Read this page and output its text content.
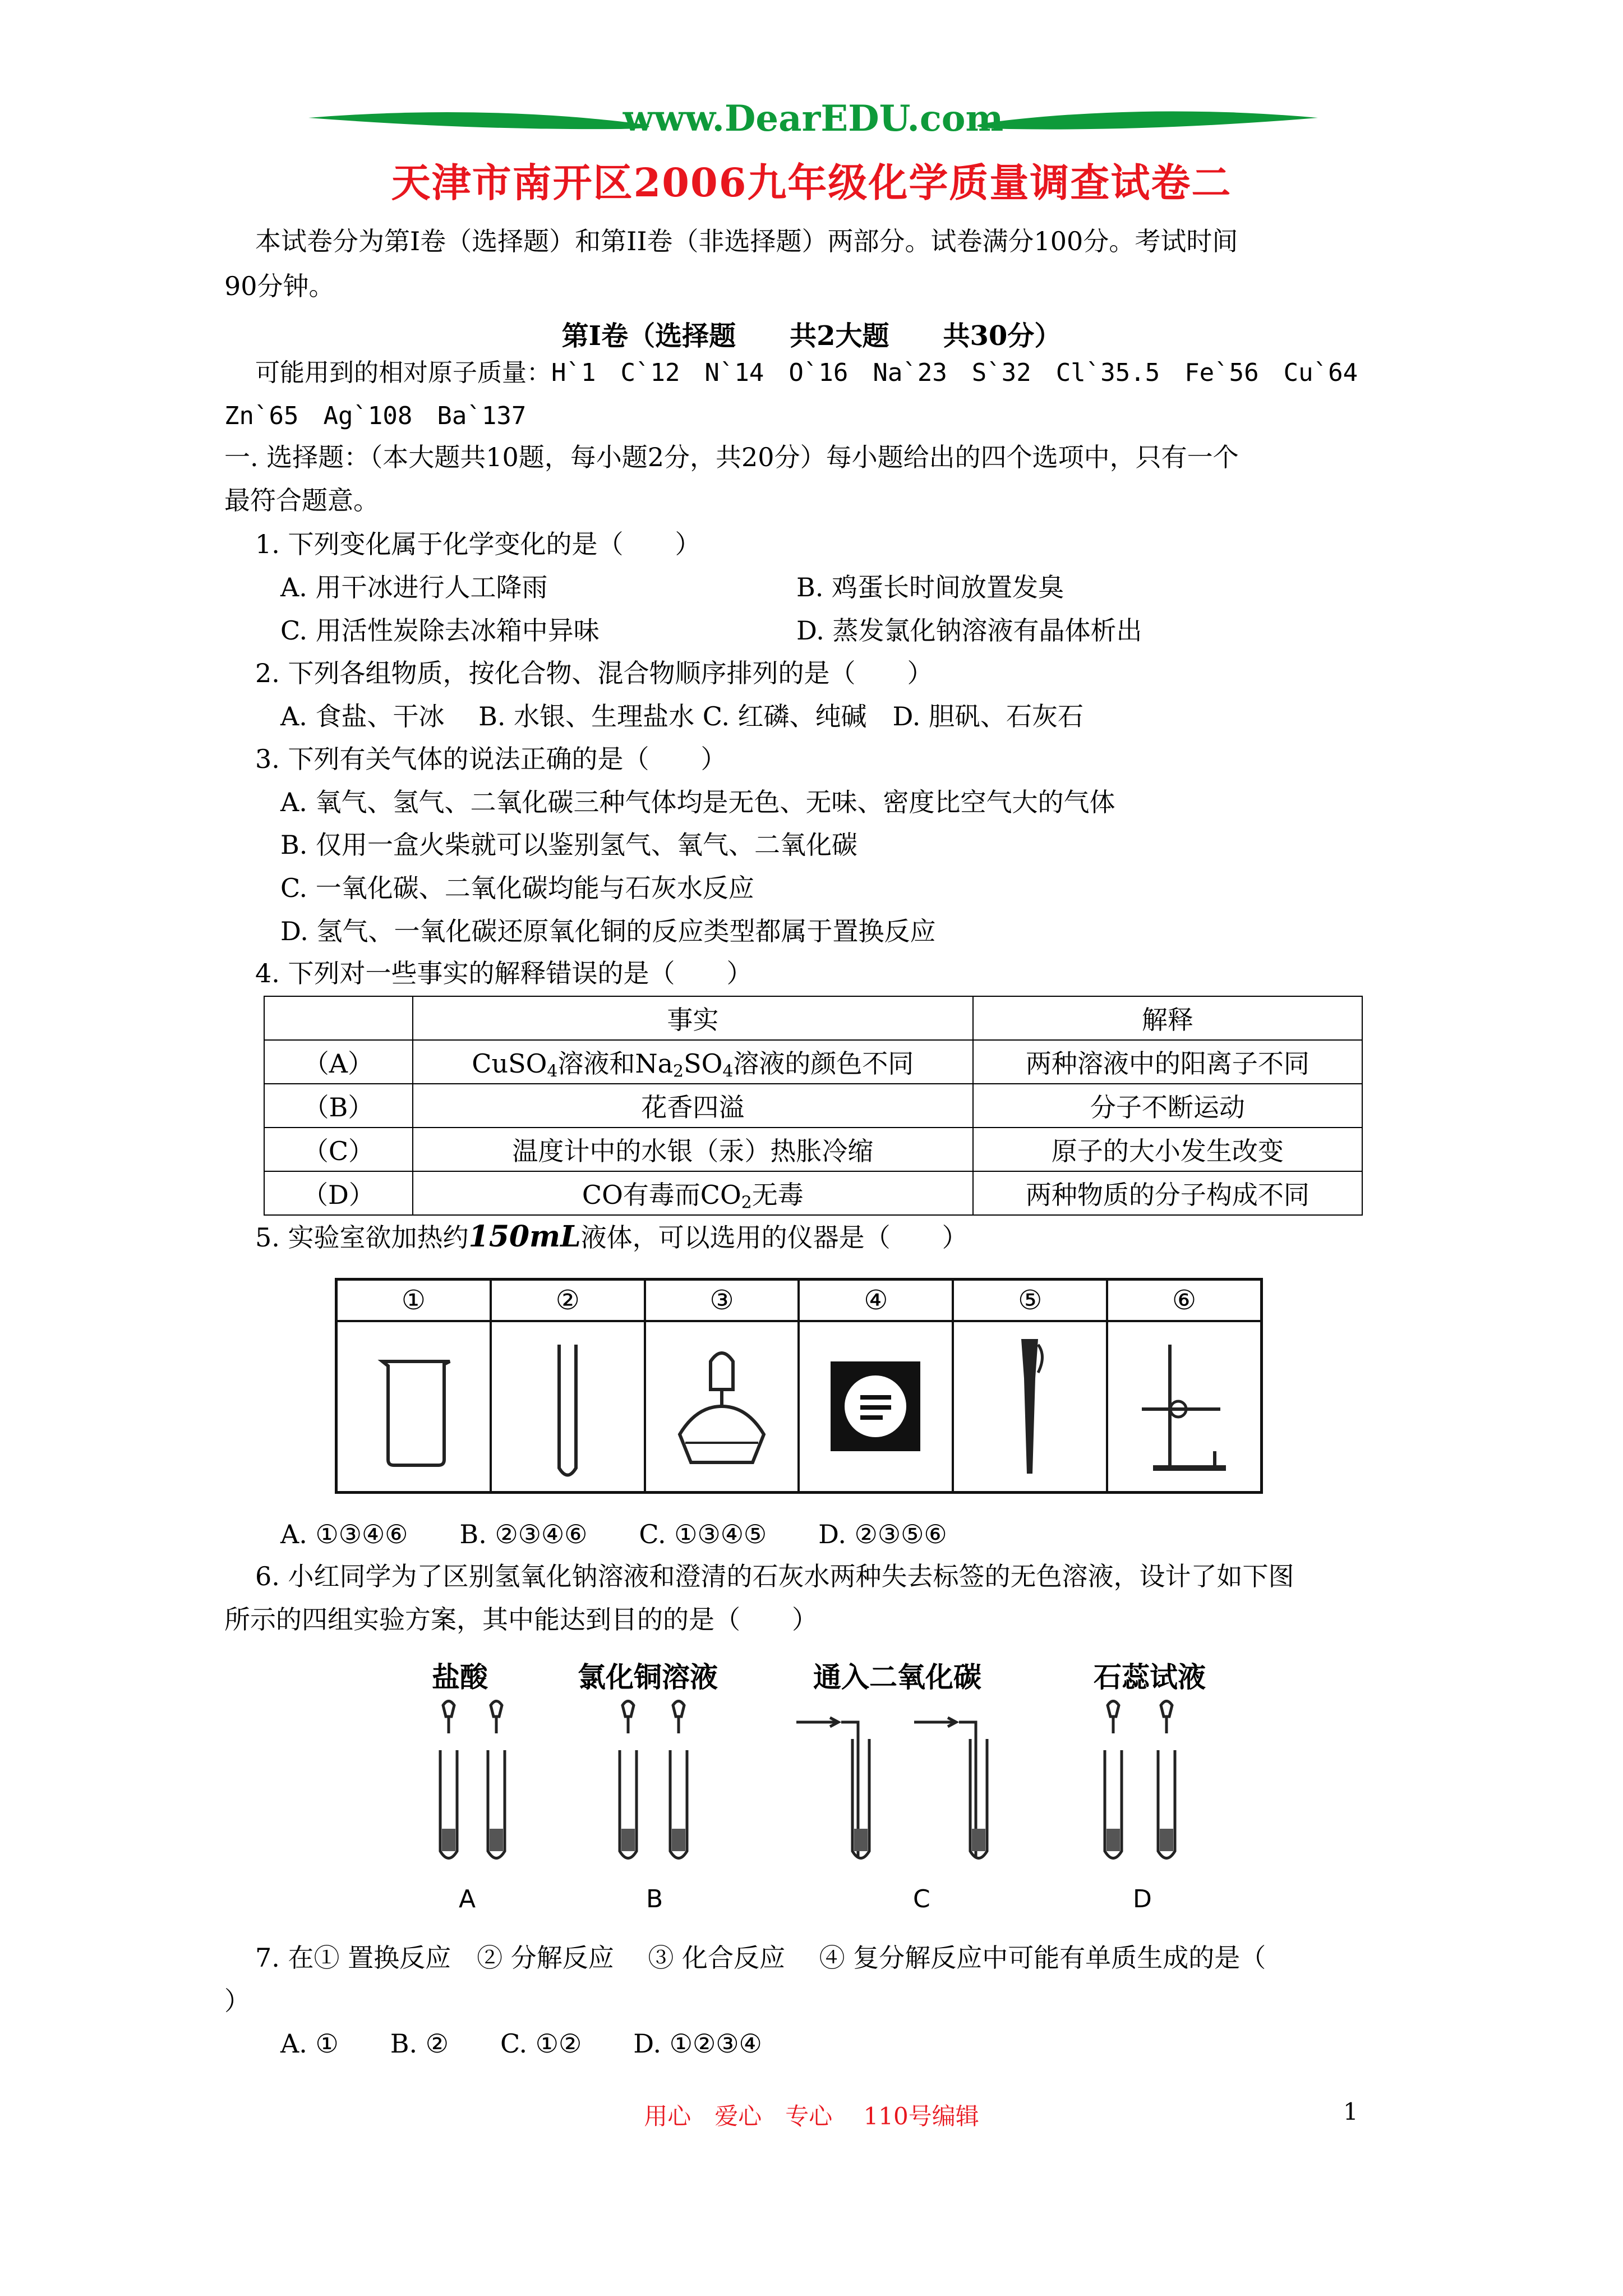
www.DearEDU.com
天津市南开区2006九年级化学质量调查试卷二
本试卷分为第I卷（选择题）和第II卷（非选择题）两部分。试卷满分100分。考试时间
90分钟。
第I卷（选择题　　共2大题　　共30分）
可能用到的相对原子质量：H`1　C`12　N`14　O`16　Na`23　S`32　Cl`35.5　Fe`56　Cu`64
Zn`65　Ag`108　Ba`137
一. 选择题：（本大题共10题，每小题2分，共20分）每小题给出的四个选项中，只有一个
最符合题意。
1. 下列变化属于化学变化的是（　　）
A. 用干冰进行人工降雨	B. 鸡蛋长时间放置发臭
C. 用活性炭除去冰箱中异味	D. 蒸发氯化钠溶液有晶体析出
2. 下列各组物质，按化合物、混合物顺序排列的是（　　）
A. 食盐、干冰　 B. 水银、生理盐水 C. 红磷、纯碱　D. 胆矾、石灰石
3. 下列有关气体的说法正确的是（　　）
A. 氧气、氢气、二氧化碳三种气体均是无色、无味、密度比空气大的气体
B. 仅用一盒火柴就可以鉴别氢气、氧气、二氧化碳
C. 一氧化碳、二氧化碳均能与石灰水反应
D. 氢气、一氧化碳还原氧化铜的反应类型都属于置换反应
4. 下列对一些事实的解释错误的是（　　）
	事实	解释
（A）	CuSO$_4$溶液和$Na_2SO_4$溶液的颜色不同	两种溶液中的阳离子不同
（B）	花香四溢	分子不断运动
（C）	温度计中的水银（汞）热胀冷缩	原子的大小发生改变
（D）	CO有毒而$CO_2$无毒	两种物质的分子构成不同
5. 实验室欲加热约150mL液体，可以选用的仪器是（　　）
①	②	③	④	⑤	⑥
A. ①③④⑥　　B. ②③④⑥　　C. ①③④⑤　　D. ②③⑤⑥
6. 小红同学为了区别氢氧化钠溶液和澄清的石灰水两种失去标签的无色溶液，设计了如下图
所示的四组实验方案，其中能达到目的的是（　　）
盐酸	氯化铜溶液	通入二氧化碳	石蕊试液
A	B	C	D
7. 在① 置换反应　② 分解反应　 ③ 化合反应　 ④ 复分解反应中可能有单质生成的是（
）
A. ①　　B. ②　　C. ①②　　D. ①②③④
用心　爱心　专心　 110号编辑	1
